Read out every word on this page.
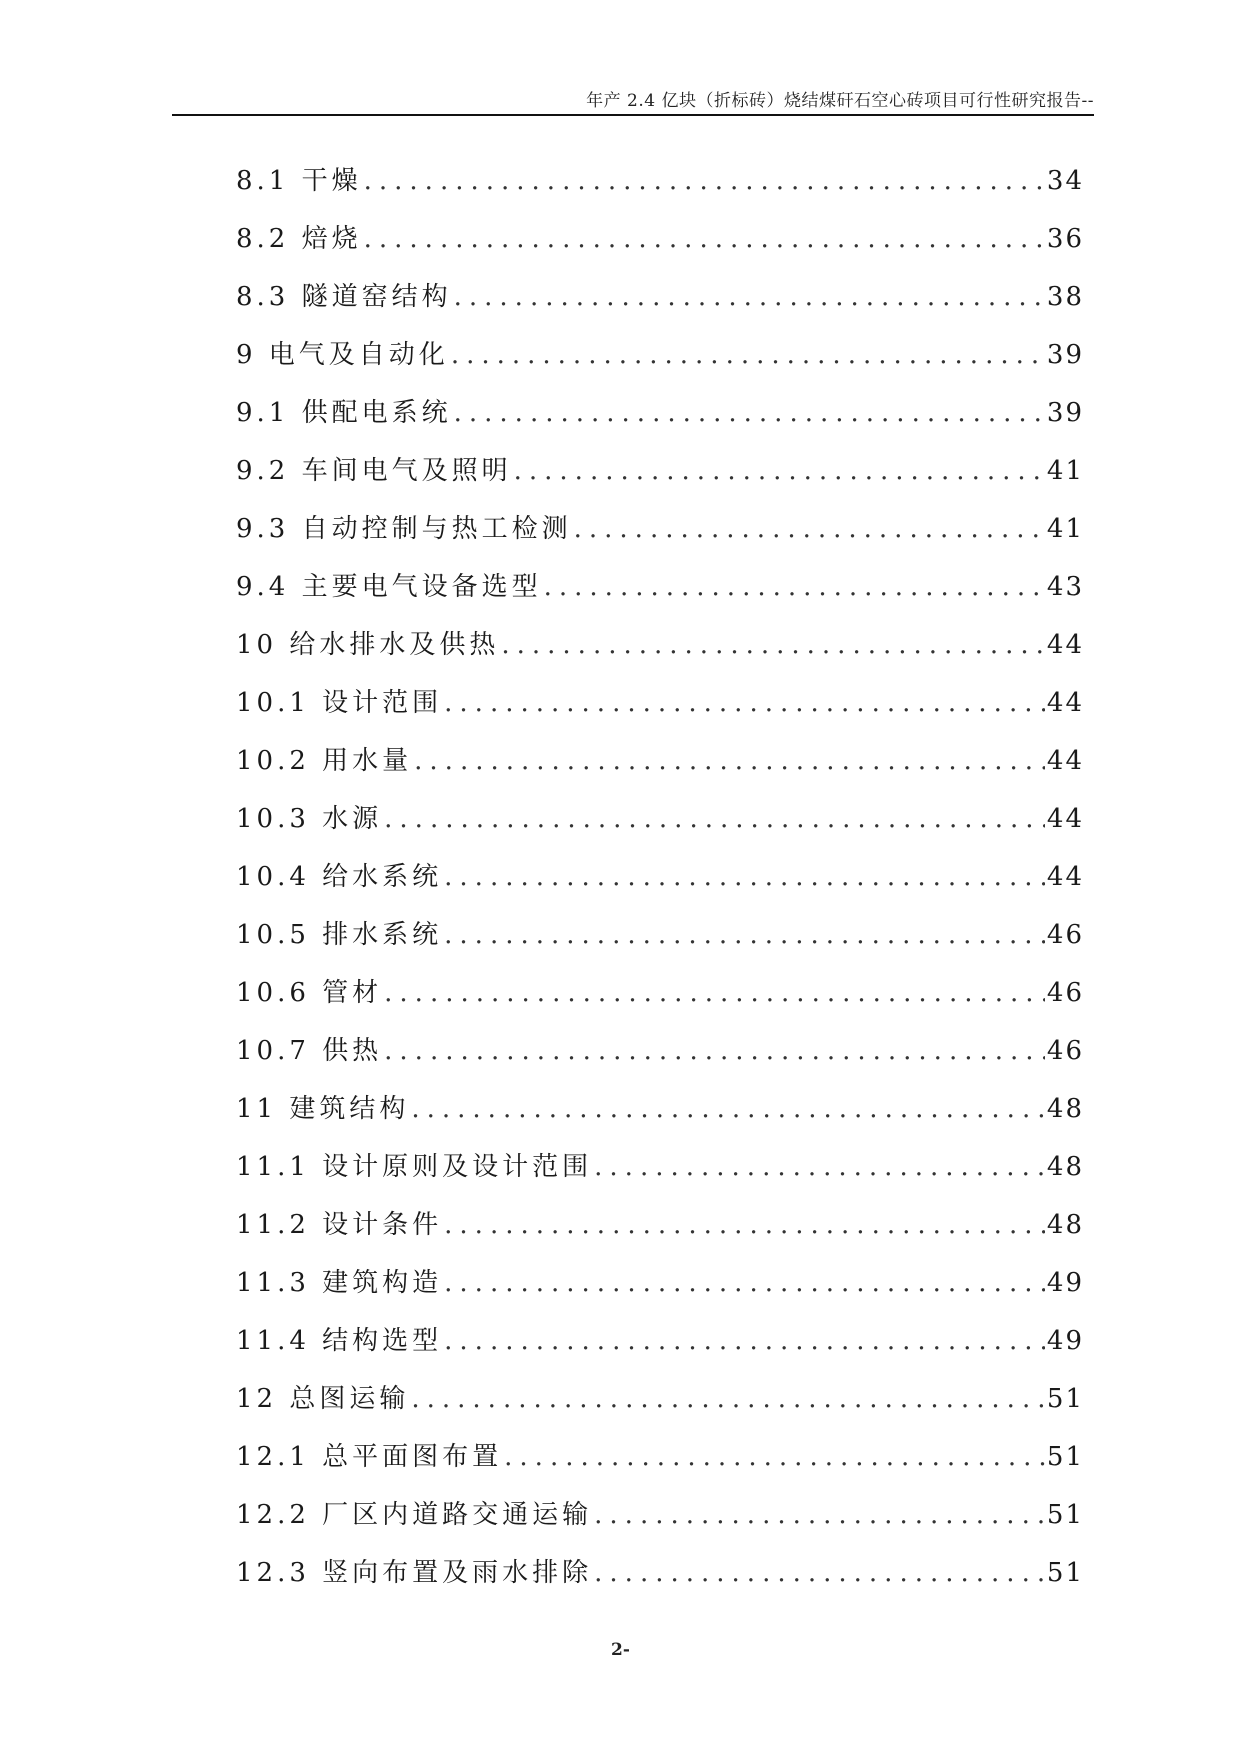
年产 2.4 亿块（折标砖）烧结煤矸石空心砖项目可行性研究报告--
8.1 干燥 .....	34
8.2 焙烧 .....	36
8.3 隧道窑结构 .....	38
9 电气及自动化 .....	39
9.1 供配电系统 .....	39
9.2 车间电气及照明 .....	41
9.3 自动控制与热工检测 .....	41
9.4 主要电气设备选型 .....	43
10 给水排水及供热 .....	44
10.1 设计范围 .....	44
10.2 用水量 .....	44
10.3 水源 .....	44
10.4 给水系统 .....	44
10.5 排水系统 .....	46
10.6 管材 .....	46
10.7 供热 .....	46
11 建筑结构 .....	48
11.1 设计原则及设计范围 .....	48
11.2 设计条件 .....	48
11.3 建筑构造 .....	49
11.4 结构选型 .....	49
12 总图运输 .....	51
12.1 总平面图布置 .....	51
12.2 厂区内道路交通运输 .....	51
12.3 竖向布置及雨水排除 .....	51
2-
